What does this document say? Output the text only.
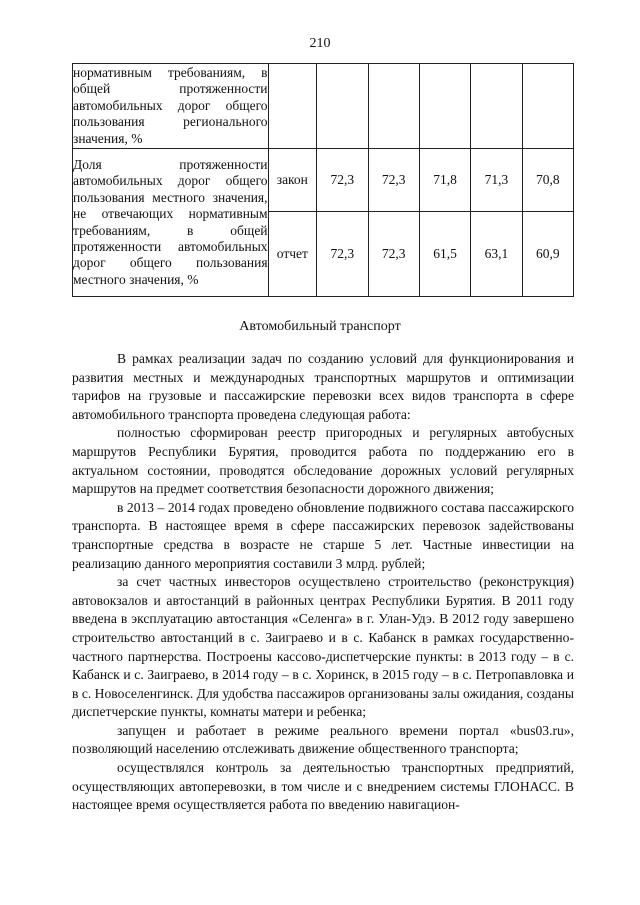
210
нормативным требованиям, в общей протяженности автомобильных дорог общего пользования регионального значения, %						

Доля протяженности автомобильных дорог общего пользования местного значения, не отвечающих нормативным требованиям, в общей протяженности автомобильных дорог общего пользования местного значения, %	закон	72,3	72,3	71,8	71,3	70,8
	отчет	72,3	72,3	61,5	63,1	60,9
Автомобильный транспорт

В рамках реализации задач по созданию условий для функционирования и развития местных и международных транспортных маршрутов и оптимизации тарифов на грузовые и пассажирские перевозки всех видов транспорта в сфере автомобильного транспорта проведена следующая работа:

полностью сформирован реестр пригородных и регулярных автобусных маршрутов Республики Бурятия, проводится работа по поддержанию его в актуальном состоянии, проводятся обследование дорожных условий регулярных маршрутов на предмет соответствия безопасности дорожного движения;

в 2013 – 2014 годах проведено обновление подвижного состава пассажирского транспорта. В настоящее время в сфере пассажирских перевозок задействованы транспортные средства в возрасте не старше 5 лет. Частные инвестиции на реализацию данного мероприятия составили 3 млрд. рублей;

за счет частных инвесторов осуществлено строительство (реконструкция) автовокзалов и автостанций в районных центрах Республики Бурятия. В 2011 году введена в эксплуатацию автостанция «Селенга» в г. Улан-Удэ. В 2012 году завершено строительство автостанций в с. Заиграево и в с. Кабанск в рамках государственно-частного партнерства. Построены кассово-диспетчерские пункты: в 2013 году – в с. Кабанск и с. Заиграево, в 2014 году – в с. Хоринск, в 2015 году – в с. Петропавловка и в с. Новоселенгинск. Для удобства пассажиров организованы залы ожидания, созданы диспетчерские пункты, комнаты матери и ребенка;

запущен и работает в режиме реального времени портал «bus03.ru», позволяющий населению отслеживать движение общественного транспорта;

осуществлялся контроль за деятельностью транспортных предприятий, осуществляющих автоперевозки, в том числе и с внедрением системы ГЛОНАСС. В настоящее время осуществляется работа по введению навигацион-
